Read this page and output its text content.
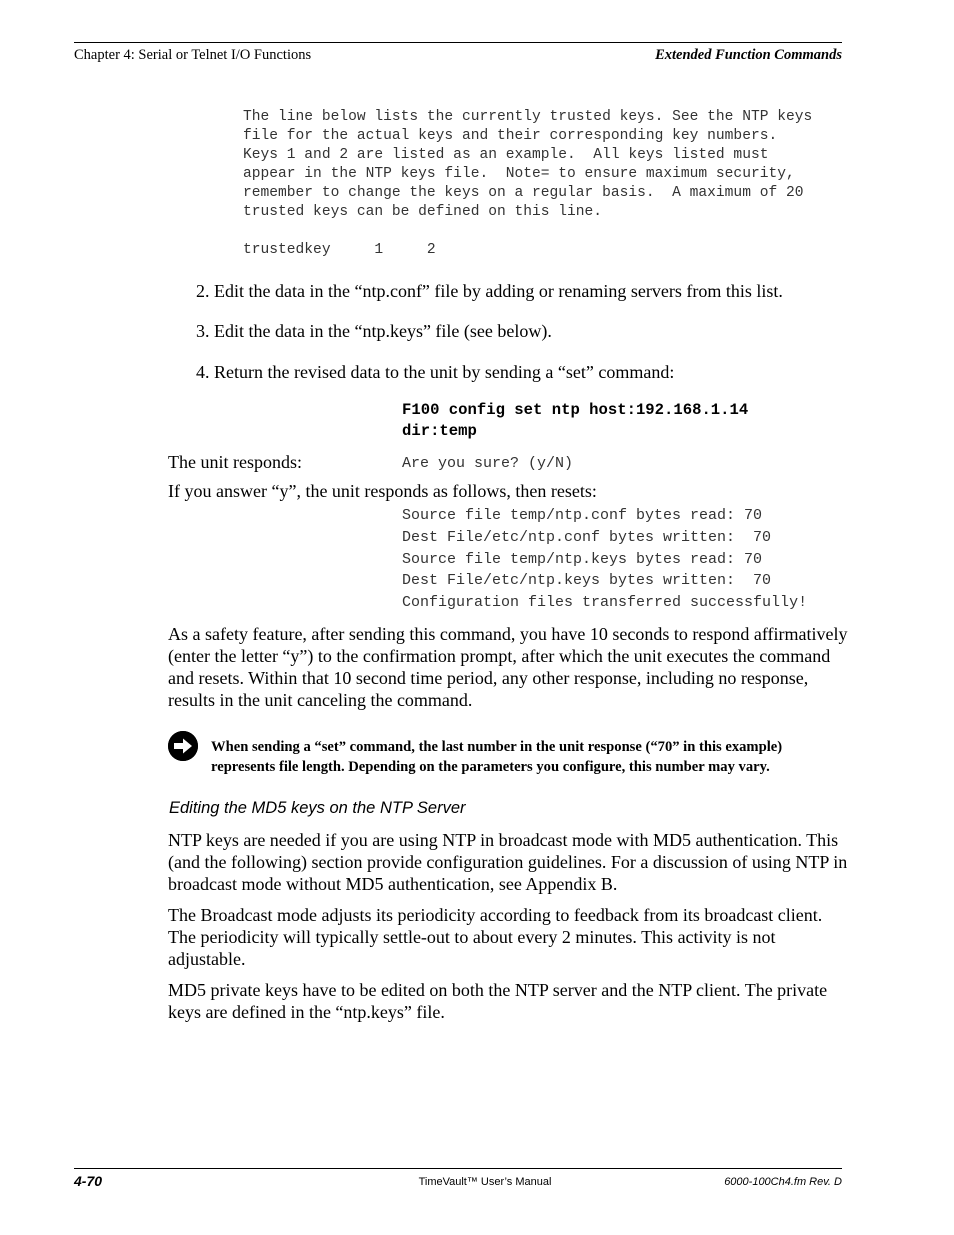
Chapter 4: Serial or Telnet I/O Functions	Extended Function Commands
The line below lists the currently trusted keys. See the NTP keys
file for the actual keys and their corresponding key numbers.
Keys 1 and 2 are listed as an example.  All keys listed must
appear in the NTP keys file.  Note= to ensure maximum security,
remember to change the keys on a regular basis.  A maximum of 20
trusted keys can be defined on this line.
trustedkey     1     2
2. Edit the data in the “ntp.conf” file by adding or renaming servers from this list.
3. Edit the data in the “ntp.keys” file (see below).
4. Return the revised data to the unit by sending a “set” command:
F100 config set ntp host:192.168.1.14
dir:temp
The unit responds:	Are you sure? (y/N)
If you answer “y”, the unit responds as follows, then resets:
Source file temp/ntp.conf bytes read: 70
Dest File/etc/ntp.conf bytes written:  70
Source file temp/ntp.keys bytes read: 70
Dest File/etc/ntp.keys bytes written:  70
Configuration files transferred successfully!
As a safety feature, after sending this command, you have 10 seconds to respond affirmatively (enter the letter “y”) to the confirmation prompt, after which the unit executes the command and resets. Within that 10 second time period, any other response, including no response, results in the unit canceling the command.
When sending a “set” command, the last number in the unit response (“70” in this example) represents file length. Depending on the parameters you configure, this number may vary.
Editing the MD5 keys on the NTP Server
NTP keys are needed if you are using NTP in broadcast mode with MD5 authentication. This (and the following) section provide configuration guidelines. For a discussion of using NTP in broadcast mode without MD5 authentication, see Appendix B.
The Broadcast mode adjusts its periodicity according to feedback from its broadcast client. The periodicity will typically settle-out to about every 2 minutes. This activity is not adjustable.
MD5 private keys have to be edited on both the NTP server and the NTP client. The private keys are defined in the “ntp.keys” file.
4-70	TimeVault™ User’s Manual	6000-100Ch4.fm Rev. D
